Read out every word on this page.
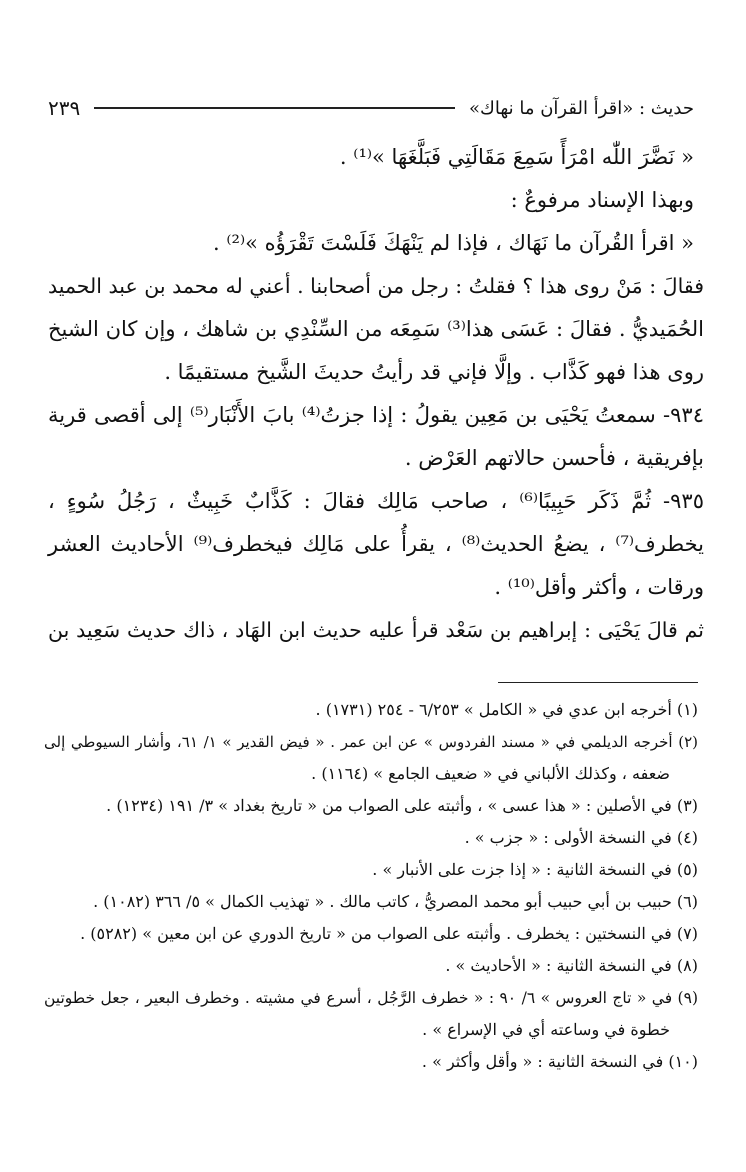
حديث : «اقرأ القرآن ما نهاك»
٢٣٩
« نَضَّرَ اللّٰه امْرَأً سَمِعَ مَقَالَتِي فَبَلَّغَهَا »⁽¹⁾ .
وبهذا الإسناد مرفوعٌ :
« اقرأ القُرآن ما نَهَاك ، فإذا لم يَنْهَكَ فَلَسْتَ تَقْرَؤُه »⁽²⁾ .
فقالَ : مَنْ روى هذا ؟ فقلتُ : رجل من أصحابنا . أعني له محمد بن عبد الحميد
الحُمَيديُّ . فقالَ : عَسَى هذا⁽³⁾ سَمِعَه من السِّنْدِي بن شاهك ، وإن كان الشيخ
روى هذا فهو كَذَّاب . وإلَّا فإني قد رأيتُ حديثَ الشَّيخ مستقيمًا .
٩٣٤- سمعتُ يَحْيَى بن مَعِين يقولُ : إذا جزتُ⁽⁴⁾ بابَ الأَنْبَار⁽⁵⁾ إلى أقصى قرية
بإفريقية ، فأحسن حالاتهم العَرْض .
٩٣٥- ثُمَّ ذَكَر حَبِيبًا⁽⁶⁾ ، صاحب مَالِك فقالَ : كَذَّابٌ خَبِيثٌ ، رَجُلُ سُوءٍ ،
يخطرف⁽⁷⁾ ، يضعُ الحديث⁽⁸⁾ ، يقرأُ على مَالِك فيخطرف⁽⁹⁾ الأحاديث العشر
ورقات ، وأكثر وأقل⁽¹⁰⁾ .
ثم قالَ يَحْيَى : إبراهيم بن سَعْد قرأ عليه حديث ابن الهَاد ، ذاك حديث سَعِيد بن
(١) أخرجه ابن عدي في « الكامل » ٦/٢٥٣ - ٢٥٤ (١٧٣١) .
(٢) أخرجه الديلمي في « مسند الفردوس » عن ابن عمر . « فيض القدير » ١/ ٦١، وأشار السيوطي إلى
ضعفه ، وكذلك الألباني في « ضعيف الجامع » (١١٦٤) .
(٣) في الأصلين : « هذا عسى » ، وأثبته على الصواب من « تاريخ بغداد » ٣/ ١٩١ (١٢٣٤) .
(٤) في النسخة الأولى : « جزب » .
(٥) في النسخة الثانية : « إذا جزت على الأنبار » .
(٦) حبيب بن أبي حبيب أبو محمد المصريُّ ، كاتب مالك . « تهذيب الكمال » ٥/ ٣٦٦ (١٠٨٢) .
(٧) في النسختين : يخطرف . وأثبته على الصواب من « تاريخ الدوري عن ابن معين » (٥٢٨٢) .
(٨) في النسخة الثانية : « الأحاديث » .
(٩) في « تاج العروس » ٦/ ٩٠ : « خطرف الرَّجُل ، أسرع في مشيته . وخطرف البعير ، جعل خطوتين
خطوة في وساعته أي في الإسراع » .
(١٠) في النسخة الثانية : « وأقل وأكثر » .
